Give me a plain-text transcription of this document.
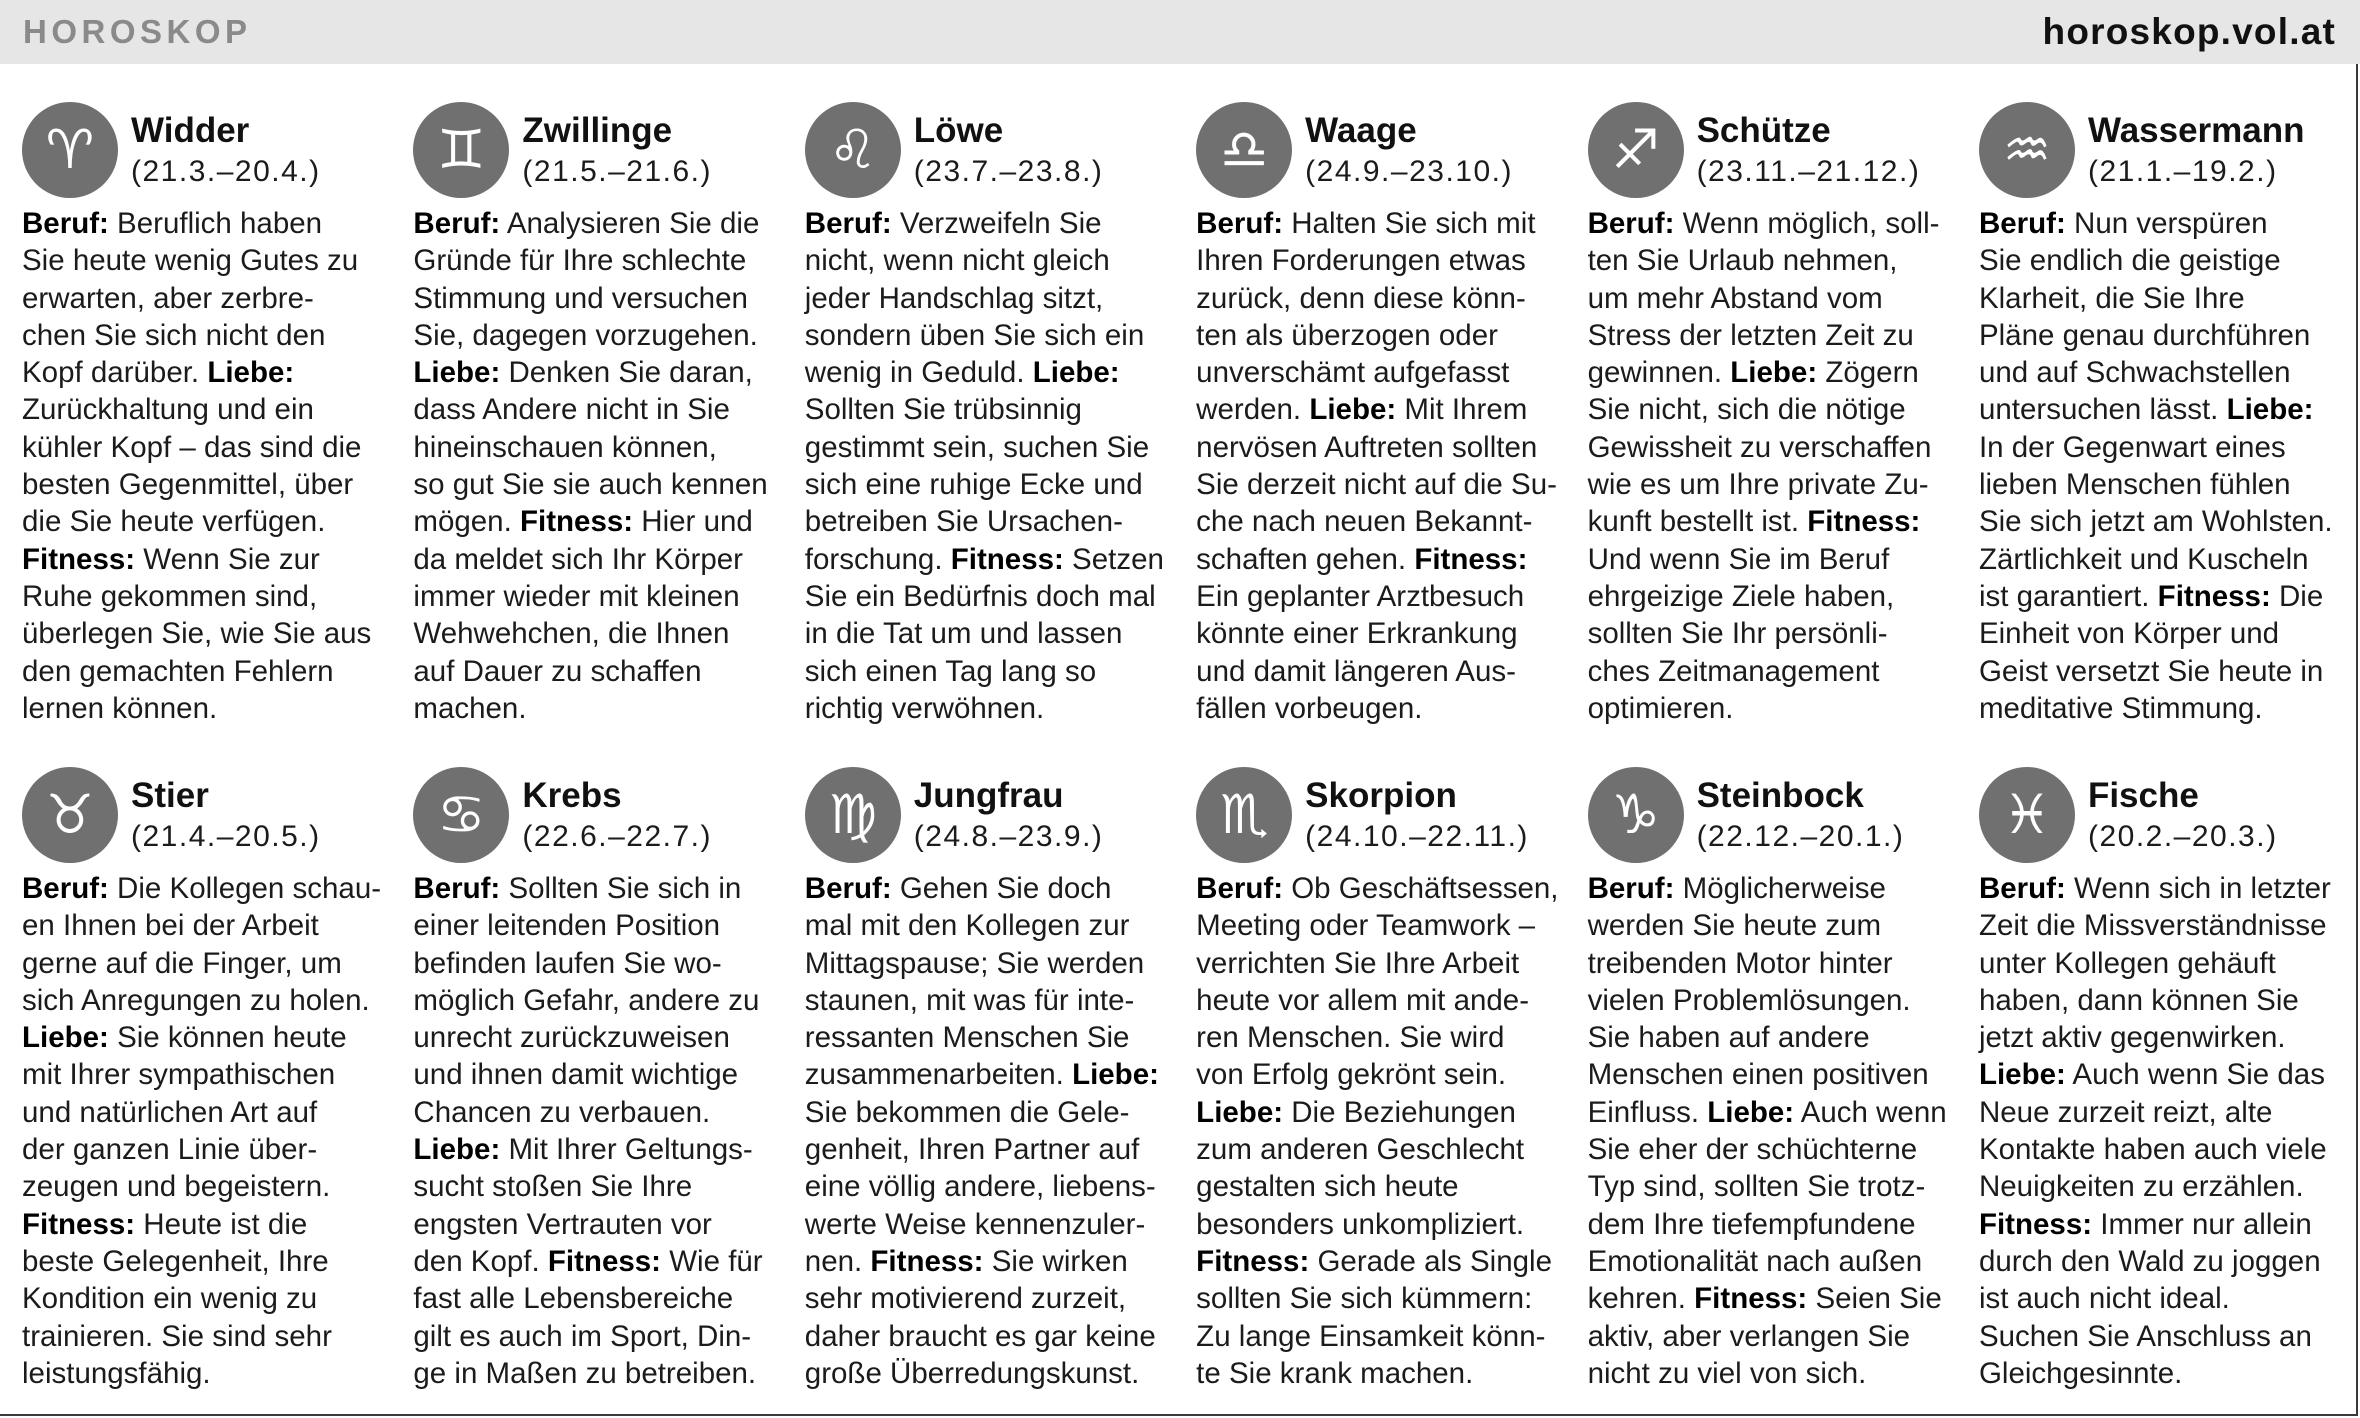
HOROSKOP	horoskop.vol.at
♈	Widder
(21.3.–20.4.)
Beruf: Beruflich haben
Sie heute wenig Gutes zu
erwarten, aber zerbre-
chen Sie sich nicht den
Kopf darüber. Liebe:
Zurückhaltung und ein
kühler Kopf – das sind die
besten Gegenmittel, über
die Sie heute verfügen.
Fitness: Wenn Sie zur
Ruhe gekommen sind,
überlegen Sie, wie Sie aus
den gemachten Fehlern
lernen können.
♊	Zwillinge
(21.5.–21.6.)
Beruf: Analysieren Sie die
Gründe für Ihre schlechte
Stimmung und versuchen
Sie, dagegen vorzugehen.
Liebe: Denken Sie daran,
dass Andere nicht in Sie
hineinschauen können,
so gut Sie sie auch kennen
mögen. Fitness: Hier und
da meldet sich Ihr Körper
immer wieder mit kleinen
Wehwehchen, die Ihnen
auf Dauer zu schaffen
machen.
♌	Löwe
(23.7.–23.8.)
Beruf: Verzweifeln Sie
nicht, wenn nicht gleich
jeder Handschlag sitzt,
sondern üben Sie sich ein
wenig in Geduld. Liebe:
Sollten Sie trübsinnig
gestimmt sein, suchen Sie
sich eine ruhige Ecke und
betreiben Sie Ursachen-
forschung. Fitness: Setzen
Sie ein Bedürfnis doch mal
in die Tat um und lassen
sich einen Tag lang so
richtig verwöhnen.
♎	Waage
(24.9.–23.10.)
Beruf: Halten Sie sich mit
Ihren Forderungen etwas
zurück, denn diese könn-
ten als überzogen oder
unverschämt aufgefasst
werden. Liebe: Mit Ihrem
nervösen Auftreten sollten
Sie derzeit nicht auf die Su-
che nach neuen Bekannt-
schaften gehen. Fitness:
Ein geplanter Arztbesuch
könnte einer Erkrankung
und damit längeren Aus-
fällen vorbeugen.
♐	Schütze
(23.11.–21.12.)
Beruf: Wenn möglich, soll-
ten Sie Urlaub nehmen,
um mehr Abstand vom
Stress der letzten Zeit zu
gewinnen. Liebe: Zögern
Sie nicht, sich die nötige
Gewissheit zu verschaffen
wie es um Ihre private Zu-
kunft bestellt ist. Fitness:
Und wenn Sie im Beruf
ehrgeizige Ziele haben,
sollten Sie Ihr persönli-
ches Zeitmanagement
optimieren.
♒	Wassermann
(21.1.–19.2.)
Beruf: Nun verspüren
Sie endlich die geistige
Klarheit, die Sie Ihre
Pläne genau durchführen
und auf Schwachstellen
untersuchen lässt. Liebe:
In der Gegenwart eines
lieben Menschen fühlen
Sie sich jetzt am Wohlsten.
Zärtlichkeit und Kuscheln
ist garantiert. Fitness: Die
Einheit von Körper und
Geist versetzt Sie heute in
meditative Stimmung.
♉	Stier
(21.4.–20.5.)
Beruf: Die Kollegen schau-
en Ihnen bei der Arbeit
gerne auf die Finger, um
sich Anregungen zu holen.
Liebe: Sie können heute
mit Ihrer sympathischen
und natürlichen Art auf
der ganzen Linie über-
zeugen und begeistern.
Fitness: Heute ist die
beste Gelegenheit, Ihre
Kondition ein wenig zu
trainieren. Sie sind sehr
leistungsfähig.
♋	Krebs
(22.6.–22.7.)
Beruf: Sollten Sie sich in
einer leitenden Position
befinden laufen Sie wo-
möglich Gefahr, andere zu
unrecht zurückzuweisen
und ihnen damit wichtige
Chancen zu verbauen.
Liebe: Mit Ihrer Geltungs-
sucht stoßen Sie Ihre
engsten Vertrauten vor
den Kopf. Fitness: Wie für
fast alle Lebensbereiche
gilt es auch im Sport, Din-
ge in Maßen zu betreiben.
♍	Jungfrau
(24.8.–23.9.)
Beruf: Gehen Sie doch
mal mit den Kollegen zur
Mittagspause; Sie werden
staunen, mit was für inte-
ressanten Menschen Sie
zusammenarbeiten. Liebe:
Sie bekommen die Gele-
genheit, Ihren Partner auf
eine völlig andere, liebens-
werte Weise kennenzuler-
nen. Fitness: Sie wirken
sehr motivierend zurzeit,
daher braucht es gar keine
große Überredungskunst.
♏	Skorpion
(24.10.–22.11.)
Beruf: Ob Geschäftsessen,
Meeting oder Teamwork –
verrichten Sie Ihre Arbeit
heute vor allem mit ande-
ren Menschen. Sie wird
von Erfolg gekrönt sein.
Liebe: Die Beziehungen
zum anderen Geschlecht
gestalten sich heute
besonders unkompliziert.
Fitness: Gerade als Single
sollten Sie sich kümmern:
Zu lange Einsamkeit könn-
te Sie krank machen.
♑	Steinbock
(22.12.–20.1.)
Beruf: Möglicherweise
werden Sie heute zum
treibenden Motor hinter
vielen Problemlösungen.
Sie haben auf andere
Menschen einen positiven
Einfluss. Liebe: Auch wenn
Sie eher der schüchterne
Typ sind, sollten Sie trotz-
dem Ihre tiefempfundene
Emotionalität nach außen
kehren. Fitness: Seien Sie
aktiv, aber verlangen Sie
nicht zu viel von sich.
♓	Fische
(20.2.–20.3.)
Beruf: Wenn sich in letzter
Zeit die Missverständnisse
unter Kollegen gehäuft
haben, dann können Sie
jetzt aktiv gegenwirken.
Liebe: Auch wenn Sie das
Neue zurzeit reizt, alte
Kontakte haben auch viele
Neuigkeiten zu erzählen.
Fitness: Immer nur allein
durch den Wald zu joggen
ist auch nicht ideal.
Suchen Sie Anschluss an
Gleichgesinnte.
